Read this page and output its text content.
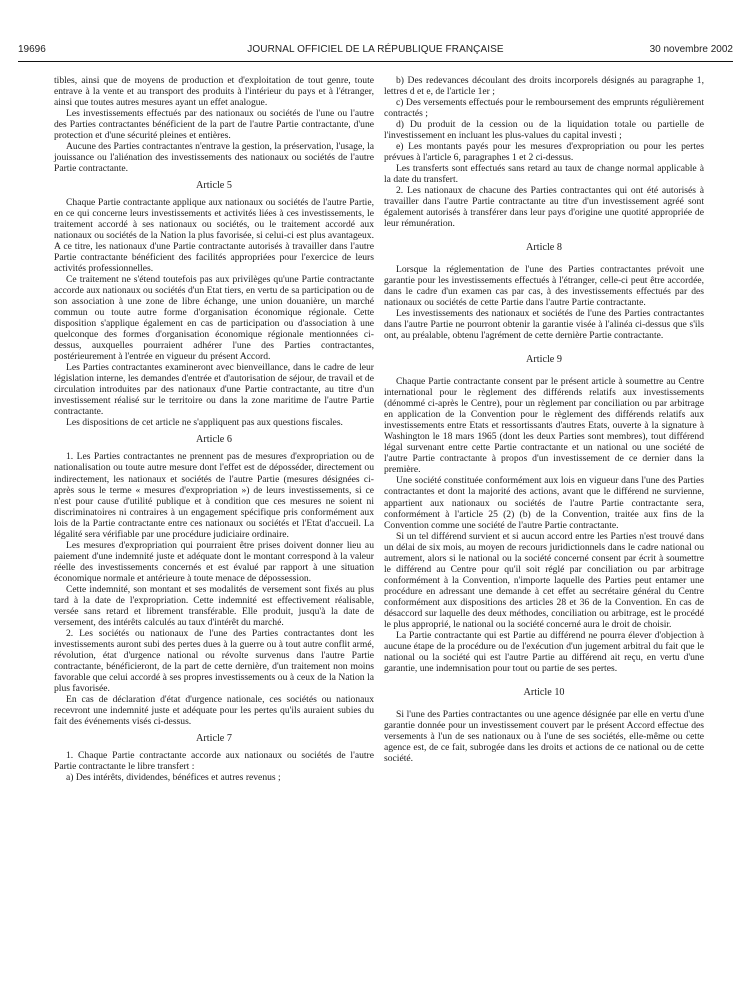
19696	JOURNAL OFFICIEL DE LA RÉPUBLIQUE FRANÇAISE	30 novembre 2002

tibles, ainsi que de moyens de production et d'exploitation de tout genre, toute entrave à la vente et au transport des produits à l'intérieur du pays et à l'étranger, ainsi que toutes autres mesures ayant un effet analogue.

Les investissements effectués par des nationaux ou sociétés de l'une ou l'autre des Parties contractantes bénéficient de la part de l'autre Partie contractante, d'une protection et d'une sécurité pleines et entières.

Aucune des Parties contractantes n'entrave la gestion, la préservation, l'usage, la jouissance ou l'aliénation des investissements des nationaux ou sociétés de l'autre Partie contractante.

Article 5

Chaque Partie contractante applique aux nationaux ou sociétés de l'autre Partie, en ce qui concerne leurs investissements et activités liées à ces investissements, le traitement accordé à ses nationaux ou sociétés, ou le traitement accordé aux nationaux ou sociétés de la Nation la plus favorisée, si celui-ci est plus avantageux. A ce titre, les nationaux d'une Partie contractante autorisés à travailler dans l'autre Partie contractante bénéficient des facilités appropriées pour l'exercice de leurs activités professionnelles.

Ce traitement ne s'étend toutefois pas aux privilèges qu'une Partie contractante accorde aux nationaux ou sociétés d'un Etat tiers, en vertu de sa participation ou de son association à une zone de libre échange, une union douanière, un marché commun ou toute autre forme d'organisation économique régionale. Cette disposition s'applique également en cas de participation ou d'association à une quelconque des formes d'organisation économique régionale mentionnées ci-dessus, auxquelles pourraient adhérer l'une des Parties contractantes, postérieurement à l'entrée en vigueur du présent Accord.

Les Parties contractantes examineront avec bienveillance, dans le cadre de leur législation interne, les demandes d'entrée et d'autorisation de séjour, de travail et de circulation introduites par des nationaux d'une Partie contractante, au titre d'un investissement réalisé sur le territoire ou dans la zone maritime de l'autre Partie contractante.

Les dispositions de cet article ne s'appliquent pas aux questions fiscales.

Article 6

1. Les Parties contractantes ne prennent pas de mesures d'expropriation ou de nationalisation ou toute autre mesure dont l'effet est de déposséder, directement ou indirectement, les nationaux et sociétés de l'autre Partie (mesures désignées ci-après sous le terme « mesures d'expropriation ») de leurs investissements, si ce n'est pour cause d'utilité publique et à condition que ces mesures ne soient ni discriminatoires ni contraires à un engagement spécifique pris conformément aux lois de la Partie contractante entre ces nationaux ou sociétés et l'Etat d'accueil. La légalité sera vérifiable par une procédure judiciaire ordinaire.

Les mesures d'expropriation qui pourraient être prises doivent donner lieu au paiement d'une indemnité juste et adéquate dont le montant correspond à la valeur réelle des investissements concernés et est évalué par rapport à une situation économique normale et antérieure à toute menace de dépossession.

Cette indemnité, son montant et ses modalités de versement sont fixés au plus tard à la date de l'expropriation. Cette indemnité est effectivement réalisable, versée sans retard et librement transférable. Elle produit, jusqu'à la date de versement, des intérêts calculés au taux d'intérêt du marché.

2. Les sociétés ou nationaux de l'une des Parties contractantes dont les investissements auront subi des pertes dues à la guerre ou à tout autre conflit armé, révolution, état d'urgence national ou révolte survenus dans l'autre Partie contractante, bénéficieront, de la part de cette dernière, d'un traitement non moins favorable que celui accordé à ses propres investissements ou à ceux de la Nation la plus favorisée.

En cas de déclaration d'état d'urgence nationale, ces sociétés ou nationaux recevront une indemnité juste et adéquate pour les pertes qu'ils auraient subies du fait des événements visés ci-dessus.

Article 7

1. Chaque Partie contractante accorde aux nationaux ou sociétés de l'autre Partie contractante le libre transfert :

a) Des intérêts, dividendes, bénéfices et autres revenus ;

b) Des redevances découlant des droits incorporels désignés au paragraphe 1, lettres d et e, de l'article 1er ;

c) Des versements effectués pour le remboursement des emprunts régulièrement contractés ;

d) Du produit de la cession ou de la liquidation totale ou partielle de l'investissement en incluant les plus-values du capital investi ;

e) Les montants payés pour les mesures d'expropriation ou pour les pertes prévues à l'article 6, paragraphes 1 et 2 ci-dessus.

Les transferts sont effectués sans retard au taux de change normal applicable à la date du transfert.

2. Les nationaux de chacune des Parties contractantes qui ont été autorisés à travailler dans l'autre Partie contractante au titre d'un investissement agréé sont également autorisés à transférer dans leur pays d'origine une quotité appropriée de leur rémunération.

Article 8

Lorsque la réglementation de l'une des Parties contractantes prévoit une garantie pour les investissements effectués à l'étranger, celle-ci peut être accordée, dans le cadre d'un examen cas par cas, à des investissements effectués par des nationaux ou sociétés de cette Partie dans l'autre Partie contractante.

Les investissements des nationaux et sociétés de l'une des Parties contractantes dans l'autre Partie ne pourront obtenir la garantie visée à l'alinéa ci-dessus que s'ils ont, au préalable, obtenu l'agrément de cette dernière Partie contractante.

Article 9

Chaque Partie contractante consent par le présent article à soumettre au Centre international pour le règlement des différends relatifs aux investissements (dénommé ci-après le Centre), pour un règlement par conciliation ou par arbitrage en application de la Convention pour le règlement des différends relatifs aux investissements entre Etats et ressortissants d'autres Etats, ouverte à la signature à Washington le 18 mars 1965 (dont les deux Parties sont membres), tout différend légal survenant entre cette Partie contractante et un national ou une société de l'autre Partie contractante à propos d'un investissement de ce dernier dans la première.

Une société constituée conformément aux lois en vigueur dans l'une des Parties contractantes et dont la majorité des actions, avant que le différend ne survienne, appartient aux nationaux ou sociétés de l'autre Partie contractante sera, conformément à l'article 25 (2) (b) de la Convention, traitée aux fins de la Convention comme une société de l'autre Partie contractante.

Si un tel différend survient et si aucun accord entre les Parties n'est trouvé dans un délai de six mois, au moyen de recours juridictionnels dans le cadre national ou autrement, alors si le national ou la société concerné consent par écrit à soumettre le différend au Centre pour qu'il soit réglé par conciliation ou par arbitrage conformément à la Convention, n'importe laquelle des Parties peut entamer une procédure en adressant une demande à cet effet au secrétaire général du Centre conformément aux dispositions des articles 28 et 36 de la Convention. En cas de désaccord sur laquelle des deux méthodes, conciliation ou arbitrage, est le procédé le plus approprié, le national ou la société concerné aura le droit de choisir.

La Partie contractante qui est Partie au différend ne pourra élever d'objection à aucune étape de la procédure ou de l'exécution d'un jugement arbitral du fait que le national ou la société qui est l'autre Partie au différend ait reçu, en vertu d'une garantie, une indemnisation pour tout ou partie de ses pertes.

Article 10

Si l'une des Parties contractantes ou une agence désignée par elle en vertu d'une garantie donnée pour un investissement couvert par le présent Accord effectue des versements à l'un de ses nationaux ou à l'une de ses sociétés, elle-même ou cette agence est, de ce fait, subrogée dans les droits et actions de ce national ou de cette société.
